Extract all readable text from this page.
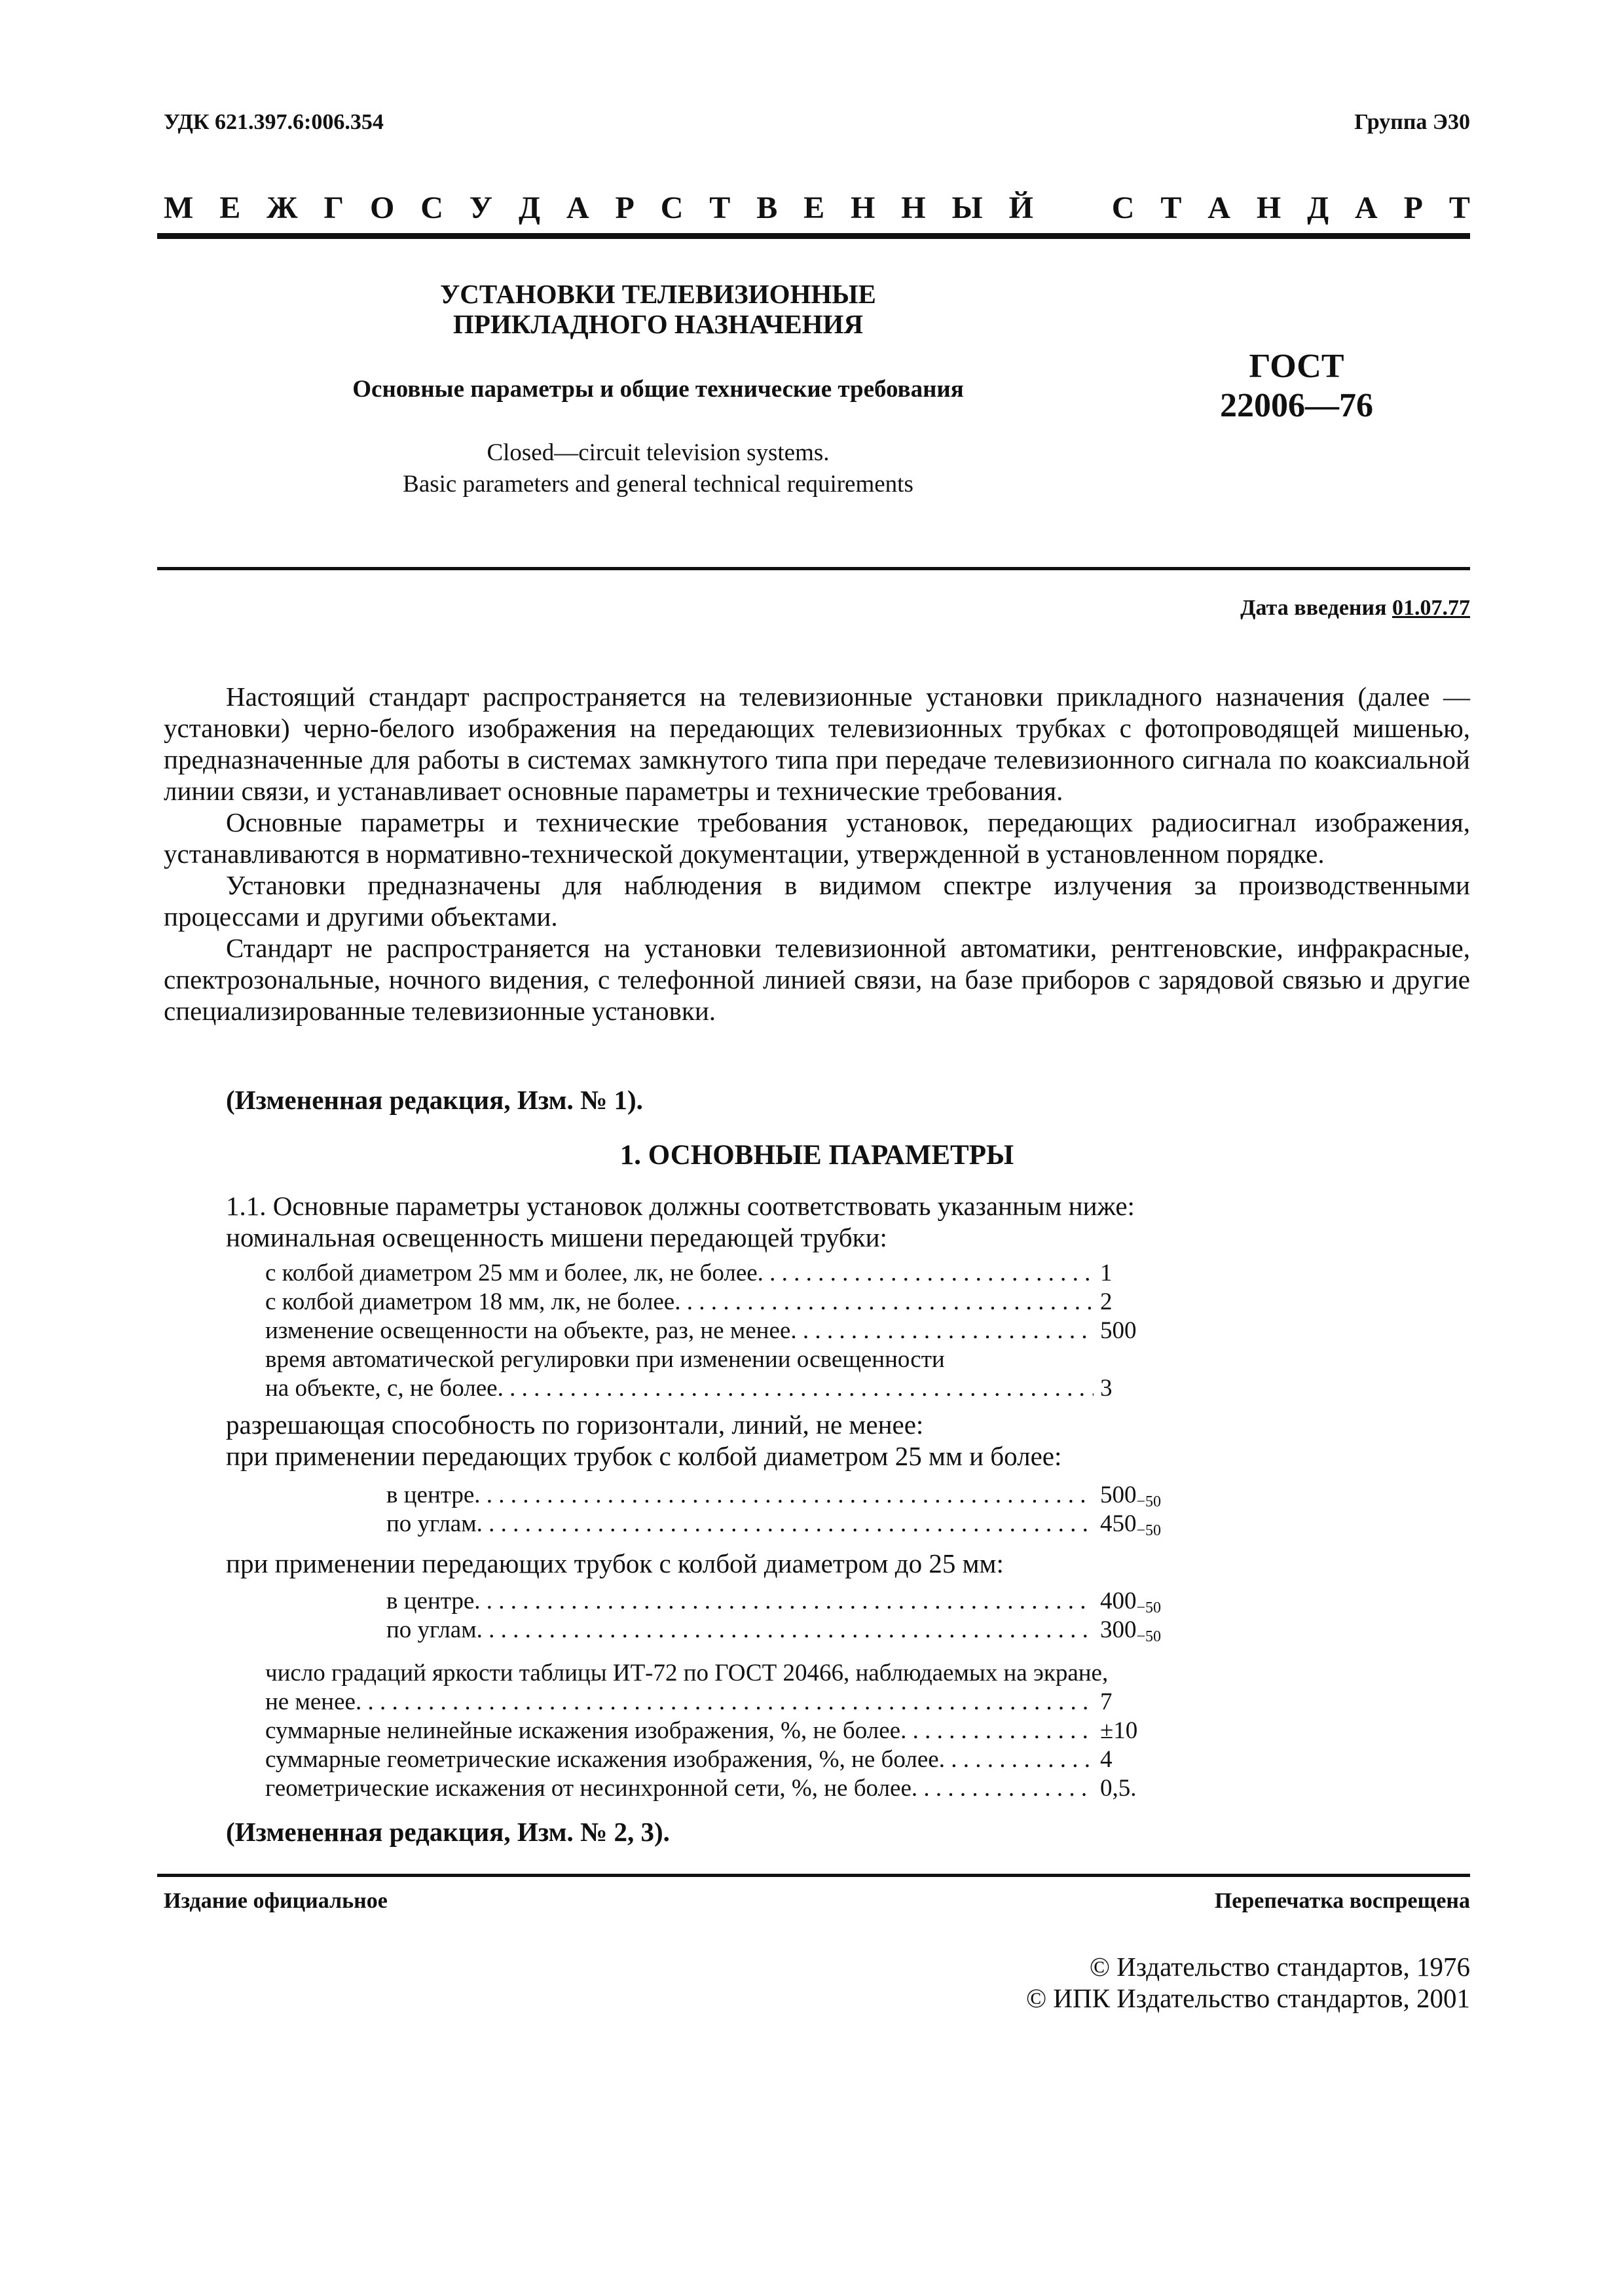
УДК 621.397.6:006.354	Группа Э30
М Е Ж Г О С У Д А Р С Т В Е Н Н Ы Й С Т А Н Д А Р Т
УСТАНОВКИ ТЕЛЕВИЗИОННЫЕ
ПРИКЛАДНОГО НАЗНАЧЕНИЯ
Основные параметры и общие технические требования
Closed—circuit television systems.
Basic parameters and general technical requirements
ГОСТ
22006—76
Дата введения 01.07.77

Настоящий стандарт распространяется на телевизионные установки прикладного назначения (далее — установки) черно-белого изображения на передающих телевизионных трубках с фотопроводящей мишенью, предназначенные для работы в системах замкнутого типа при передаче телевизионного сигнала по коаксиальной линии связи, и устанавливает основные параметры и технические требования.

Основные параметры и технические требования установок, передающих радиосигнал изображения, устанавливаются в нормативно-технической документации, утвержденной в установленном порядке.

Установки предназначены для наблюдения в видимом спектре излучения за производственными процессами и другими объектами.

Стандарт не распространяется на установки телевизионной автоматики, рентгеновские, инфракрасные, спектрозональные, ночного видения, с телефонной линией связи, на базе приборов с зарядовой связью и другие специализированные телевизионные установки.

(Измененная редакция, Изм. № 1).
1. ОСНОВНЫЕ ПАРАМЕТРЫ
1.1. Основные параметры установок должны соответствовать указанным ниже:
номинальная освещенность мишени передающей трубки:
с колбой диаметром 25 мм и более, лк, не более . . .	1
с колбой диаметром 18 мм, лк, не более . . .	2
изменение освещенности на объекте, раз, не менее . . .	500
время автоматической регулировки при изменении освещенности
на объекте, с, не более . . .	3
разрешающая способность по горизонтали, линий, не менее:
при применении передающих трубок с колбой диаметром 25 мм и более:
в центре . . .	$500_{-50}$
по углам . . .	$450_{-50}$
при применении передающих трубок с колбой диаметром до 25 мм:
в центре . . .	$400_{-50}$
по углам . . .	$300_{-50}$
число градаций яркости таблицы ИТ-72 по ГОСТ 20466, наблюдаемых на экране,
не менее . . .	7
суммарные нелинейные искажения изображения, %, не более . . .	±10
суммарные геометрические искажения изображения, %, не более . . .	4
геометрические искажения от несинхронной сети, %, не более . . .	0,5.
(Измененная редакция, Изм. № 2, 3).
Издание официальное	Перепечатка воспрещена
© Издательство стандартов, 1976
© ИПК Издательство стандартов, 2001
